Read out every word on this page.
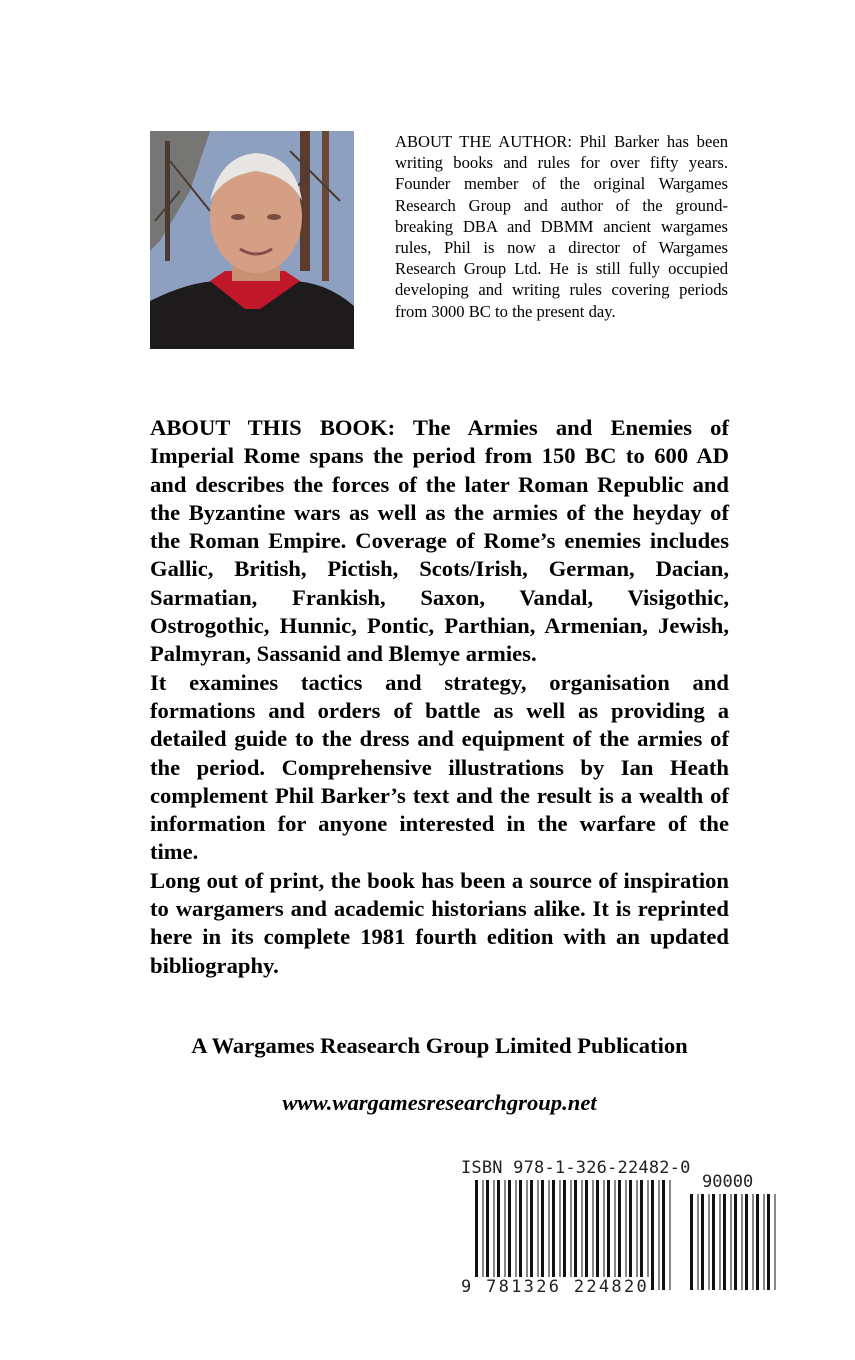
ABOUT THE AUTHOR: Phil Barker has been writing books and rules for over fifty years. Founder member of the original Wargames Research Group and author of the ground-breaking DBA and DBMM ancient wargames rules, Phil is now a director of Wargames Research Group Ltd. He is still fully occupied developing and writing rules covering periods from 3000 BC to the present day.

ABOUT THIS BOOK: The Armies and Enemies of Imperial Rome spans the period from 150 BC to 600 AD and describes the forces of the later Roman Republic and the Byzantine wars as well as the armies of the heyday of the Roman Empire. Coverage of Rome’s enemies includes Gallic, British, Pictish, Scots/Irish, German, Dacian, Sarmatian, Frankish, Saxon, Vandal, Visigothic, Ostrogothic, Hunnic, Pontic, Parthian, Armenian, Jewish, Palmyran, Sassanid and Blemye armies.

It examines tactics and strategy, organisation and formations and orders of battle as well as providing a detailed guide to the dress and equipment of the armies of the period. Comprehensive illustrations by Ian Heath complement Phil Barker’s text and the result is a wealth of information for anyone interested in the warfare of the time.

Long out of print, the book has been a source of inspiration to wargamers and academic historians alike. It is reprinted here in its complete 1981 fourth edition with an updated bibliography.

A Wargames Reasearch Group Limited Publication
www.wargamesresearchgroup.net
ISBN 978-1-326-22482-0
90000
9 781326 224820
